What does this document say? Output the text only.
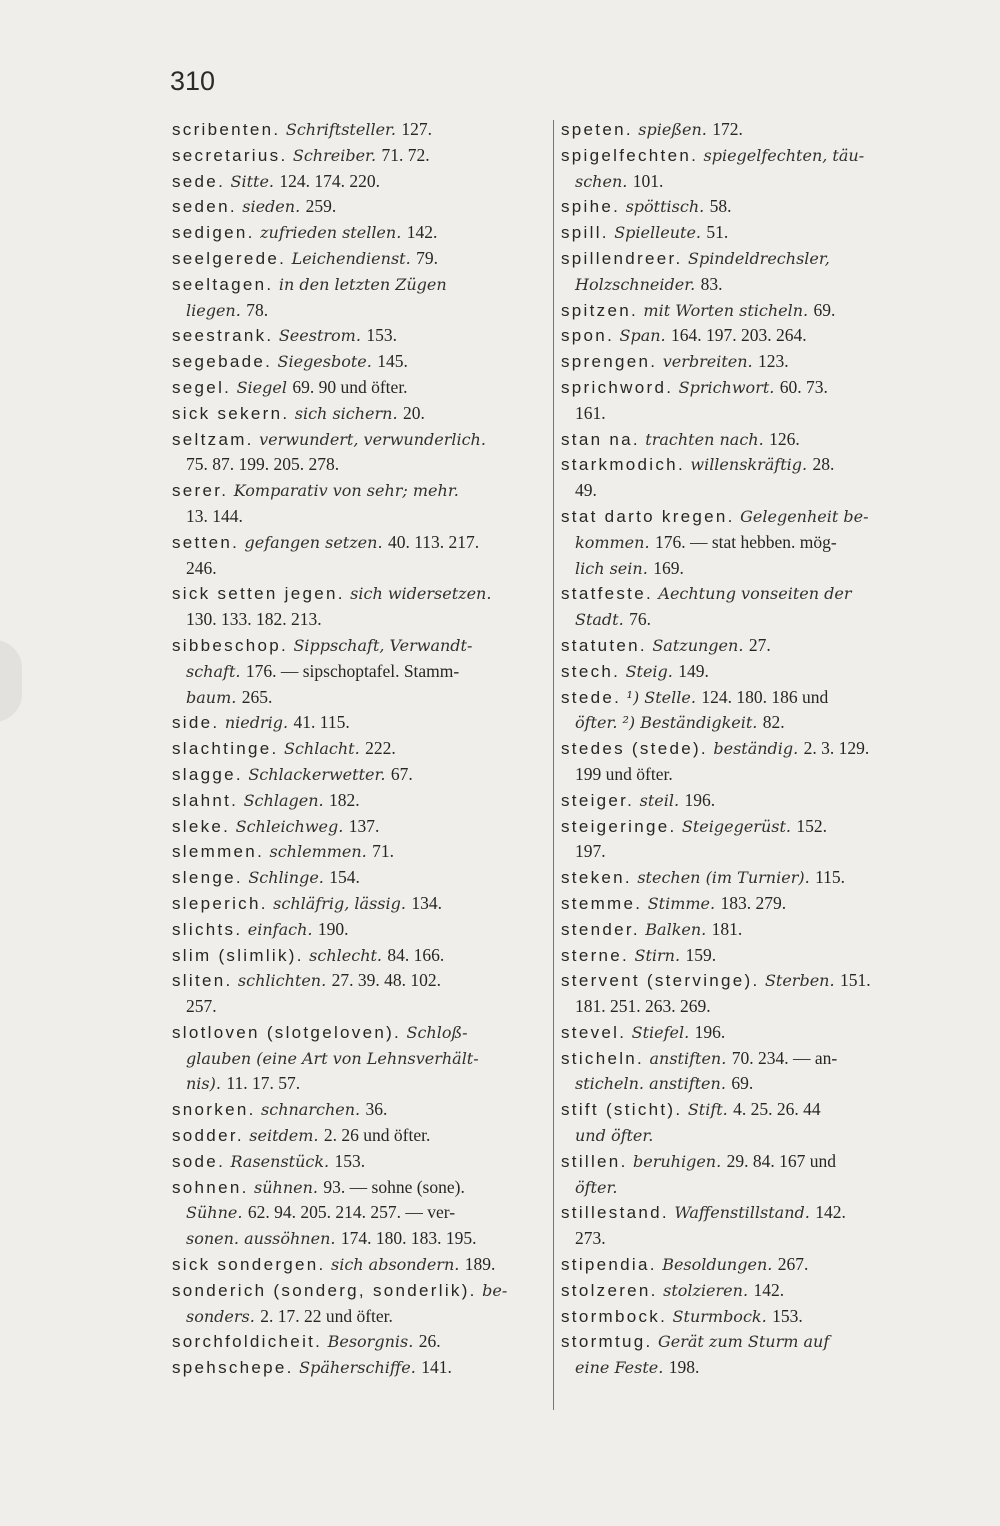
310
scribenten. Schriftsteller. 127.
secretarius. Schreiber. 71. 72.
sede. Sitte. 124. 174. 220.
seden. sieden. 259.
sedigen. zufrieden stellen. 142.
seelgerede. Leichendienst. 79.
seeltagen. in den letzten Zügen
liegen. 78.
seestrank. Seestrom. 153.
segebade. Siegesbote. 145.
segel. Siegel 69. 90 und öfter.
sick sekern. sich sichern. 20.
seltzam. verwundert, verwunderlich.
75. 87. 199. 205. 278.
serer. Komparativ von sehr; mehr.
13. 144.
setten. gefangen setzen. 40. 113. 217.
246.
sick setten jegen. sich widersetzen.
130. 133. 182. 213.
sibbeschop. Sippschaft, Verwandt-
schaft. 176. — sipschoptafel. Stamm-
baum. 265.
side. niedrig. 41. 115.
slachtinge. Schlacht. 222.
slagge. Schlackerwetter. 67.
slahnt. Schlagen. 182.
sleke. Schleichweg. 137.
slemmen. schlemmen. 71.
slenge. Schlinge. 154.
sleperich. schläfrig, lässig. 134.
slichts. einfach. 190.
slim (slimlik). schlecht. 84. 166.
sliten. schlichten. 27. 39. 48. 102.
257.
slotloven (slotgeloven). Schloß-
glauben (eine Art von Lehnsverhält-
nis). 11. 17. 57.
snorken. schnarchen. 36.
sodder. seitdem. 2. 26 und öfter.
sode. Rasenstück. 153.
sohnen. sühnen. 93. — sohne (sone).
Sühne. 62. 94. 205. 214. 257. — ver-
sonen. aussöhnen. 174. 180. 183. 195.
sick sondergen. sich absondern. 189.
sonderich (sonderg, sonderlik). be-
sonders. 2. 17. 22 und öfter.
sorchfoldicheit. Besorgnis. 26.
spehschepe. Späherschiffe. 141.
speten. spießen. 172.
spigelfechten. spiegelfechten, täu-
schen. 101.
spihe. spöttisch. 58.
spill. Spielleute. 51.
spillendreer. Spindeldrechsler,
Holzschneider. 83.
spitzen. mit Worten sticheln. 69.
spon. Span. 164. 197. 203. 264.
sprengen. verbreiten. 123.
sprichword. Sprichwort. 60. 73.
161.
stan na. trachten nach. 126.
starkmodich. willenskräftig. 28.
49.
stat darto kregen. Gelegenheit be-
kommen. 176. — stat hebben. mög-
lich sein. 169.
statfeste. Aechtung vonseiten der
Stadt. 76.
statuten. Satzungen. 27.
stech. Steig. 149.
stede. ¹) Stelle. 124. 180. 186 und
öfter. ²) Beständigkeit. 82.
stedes (stede). beständig. 2. 3. 129.
199 und öfter.
steiger. steil. 196.
steigeringe. Steigegerüst. 152.
197.
steken. stechen (im Turnier). 115.
stemme. Stimme. 183. 279.
stender. Balken. 181.
sterne. Stirn. 159.
stervent (stervinge). Sterben. 151.
181. 251. 263. 269.
stevel. Stiefel. 196.
sticheln. anstiften. 70. 234. — an-
sticheln. anstiften. 69.
stift (sticht). Stift. 4. 25. 26. 44
und öfter.
stillen. beruhigen. 29. 84. 167 und
öfter.
stillestand. Waffenstillstand. 142.
273.
stipendia. Besoldungen. 267.
stolzeren. stolzieren. 142.
stormbock. Sturmbock. 153.
stormtug. Gerät zum Sturm auf
eine Feste. 198.
